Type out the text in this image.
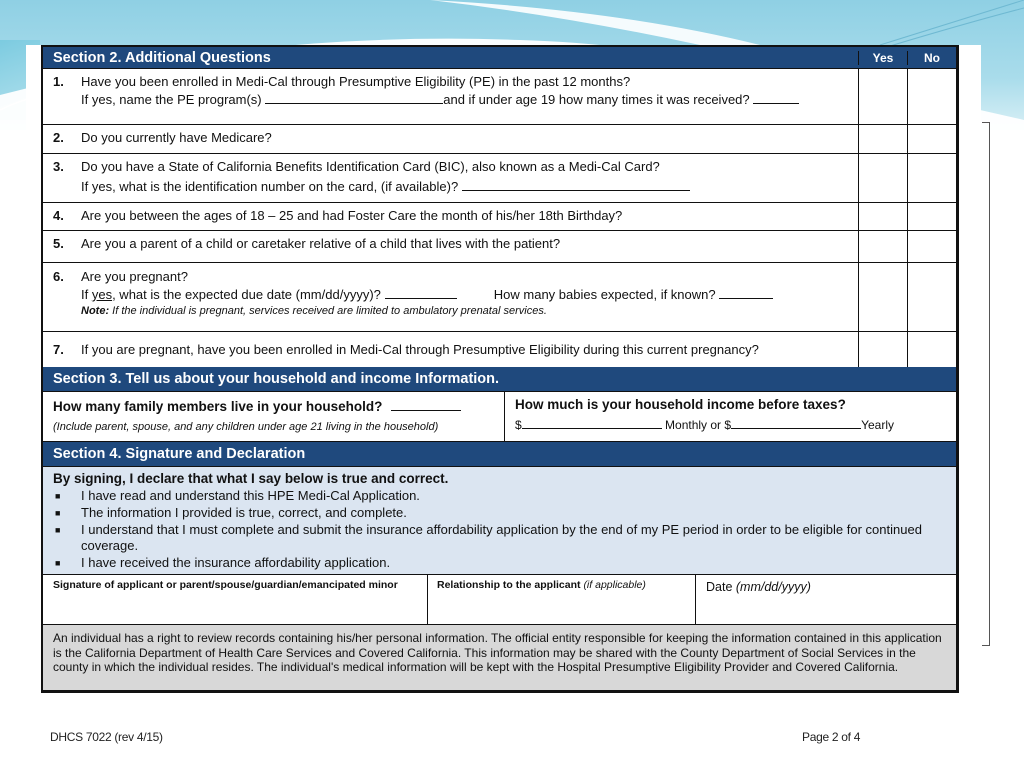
Section 2. Additional Questions	Yes	No
1.	Have you been enrolled in Medi-Cal through Presumptive Eligibility (PE) in the past 12 months?
If yes, name the PE program(s)	and if under age 19 how many times it was received?
2.	Do you currently have Medicare?
3.	Do you have a State of California Benefits Identification Card (BIC), also known as a Medi-Cal Card?
If yes, what is the identification number on the card, (if available)?
4.	Are you between the ages of 18 – 25 and had Foster Care the month of his/her 18th Birthday?
5.	Are you a parent of a child or caretaker relative of a child that lives with the patient?
6.	Are you pregnant?
If yes, what is the expected due date (mm/dd/yyyy)?	How many babies expected, if known?
Note: If the individual is pregnant, services received are limited to ambulatory prenatal services.
7.	If you are pregnant, have you been enrolled in Medi-Cal through Presumptive Eligibility during this current pregnancy?
Section 3. Tell us about your household and income Information.
How many family members live in your household?
(Include parent, spouse, and any children under age 21 living in the household)
How much is your household income before taxes?
$	Monthly or $	Yearly
Section 4. Signature and Declaration
By signing, I declare that what I say below is true and correct.
■	I have read and understand this HPE Medi-Cal Application.
■	The information I provided is true, correct, and complete.
■	I understand that I must complete and submit the insurance affordability application by the end of my PE period in order to be eligible for continued coverage.
■	I have received the insurance affordability application.
Signature of applicant or parent/spouse/guardian/emancipated minor	Relationship to the applicant (if applicable)	Date (mm/dd/yyyy)
An individual has a right to review records containing his/her personal information. The official entity responsible for keeping the information contained in this application is the California Department of Health Care Services and Covered California. This information may be shared with the County Department of Social Services in the county in which the individual resides. The individual's medical information will be kept with the Hospital Presumptive Eligibility Provider and Covered California.
DHCS 7022 (rev 4/15)	Page 2 of 4
